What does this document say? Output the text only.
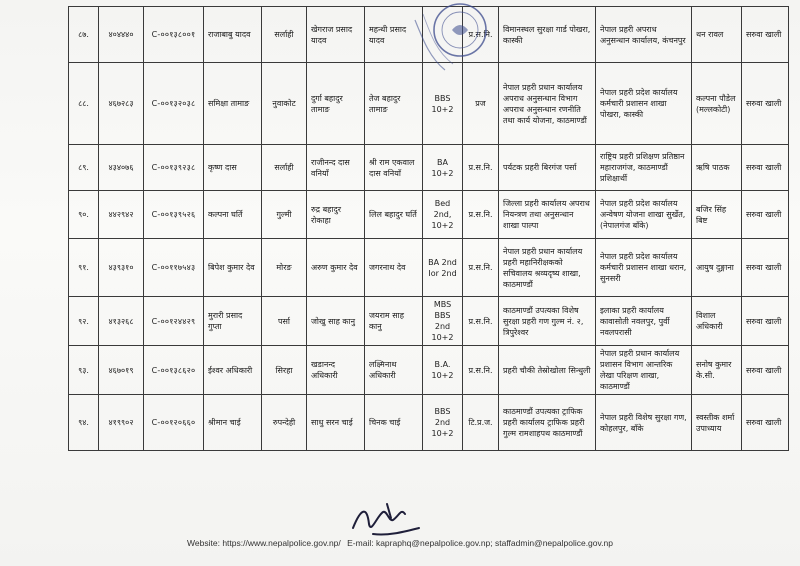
८७.	४०४४४०	C-००१३८००१	राजाबाबु यादव	सर्लाही	खेगराज प्रसाद यादव	महन्थी प्रसाद यादव		प्र.स.नि.	विमानस्थल सुरक्षा गार्ड पोखरा, कास्की	नेपाल प्रहरी अपराध अनुसन्धान कार्यालय, कंचनपुर	थन रावल	सरुवा खाली
८८.	४६७२८३	C-००१३२०३८	समिक्षा तामाङ	नुवाकोट	दुर्गा बहादुर तामाङ	तेज बहादुर तामाङ	BBS 10+2	प्रज	नेपाल प्रहरी प्रधान कार्यालय अपराध अनुसन्धान विभाग अपराध अनुसन्धान रणनीति तथा कार्य योजना, काठमाण्डौं	नेपाल प्रहरी प्रदेश कार्यालय कर्मचारी प्रशासन शाखा पोखरा, कास्की	कल्पना पौडेल (मल्लकोटी)	सरुवा खाली
८९.	४३४०७६	C-००१३९२३८	कृष्ण दास	सर्लाही	राजीनन्द दास वनियाँ	श्री राम एकवाल दास वनियाँ	BA 10+2	प्र.स.नि.	पर्यटक प्रहरी बिरगंज पर्सा	राष्ट्रिय प्रहरी प्रशिक्षण प्रतिष्ठान महाराजगंज, काठमाण्डौं प्रशिक्षार्थी	ऋषि पाठक	सरुवा खाली
९०.	४४२९४२	C-००१३९५२६	कल्पना घर्ति	गुल्मी	रुद्र बहादुर रोकाहा	लिल बहादुर घर्ति	Bed 2nd, 10+2	प्र.स.नि.	जिल्ला प्रहरी कार्यालय अपराध नियन्त्रण तथा अनुसन्धान शाखा पाल्पा	नेपाल प्रहरी प्रदेश कार्यालय अन्वेषण योजना शाखा सुर्खेत, (नेपालगंज बाँके)	बजिर सिंह बिष्ट	सरुवा खाली
९१.	४३९३१०	C-००११७५४३	बिपेश कुमार देव	मोरङ	अरुण कुमार देव	जगरनाथ देव	BA 2nd Ior 2nd	प्र.स.नि.	नेपाल प्रहरी प्रधान कार्यालय प्रहरी महानिरीक्षकको सचिवालय श्रव्यदृष्य शाखा, काठमाण्डौं	नेपाल प्रहरी प्रदेश कार्यालय कर्मचारी प्रशासन शाखा धरान, सुनसरी	आयुष दुङ्गाना	सरुवा खाली
९२.	४१३२६८	C-००१२४४२९	मुरारी प्रसाद गुप्ता	पर्सा	जोखु साह कानु	जयराम साह कानु	MBS BBS 2nd 10+2	प्र.स.नि.	काठमाण्डौं उपत्यका विशेष सुरक्षा प्रहरी गण गुल्म नं. २, त्रिपुरेश्वर	इलाका प्रहरी कार्यालय कावासोती नवलपुर, पुर्वी नवलपरासी	विशाल अधिकारी	सरुवा खाली
९३.	४६७०१९	C-००१३८६२०	ईश्वर अधिकारी	सिरहा	खडानन्द अधिकारी	लक्ष्मिनाथ अधिकारी	B.A. 10+2	प्र.स.नि.	प्रहरी चौकी तेस्रोखोला सिन्धुली	नेपाल प्रहरी प्रधान कार्यालय प्रशासन विभाग आन्तरिक लेखा परिक्षण शाखा, काठमाण्डौं	सनोष कुमार के.सी.	सरुवा खाली
९४.	४१९९०२	C-००१२०६६०	श्रीमान चाई	रुपन्देही	साधु सरन चाई	चिनक चाई	BBS 2nd 10+2	टि.प्र.ज.	काठमाण्डौं उपत्यका ट्राफिक प्रहरी कार्यालय ट्राफिक प्रहरी गुल्म रामशाहपथ काठमाण्डौं	नेपाल प्रहरी विशेष सुरक्षा गण, कोहलपुर, बाँके	स्वस्तीक शर्मा उपाध्याय	सरुवा खाली
Website: https://www.nepalpolice.gov.np/ E-mail: kapraphq@nepalpolice.gov.np; staffadmin@nepalpolice.gov.np
